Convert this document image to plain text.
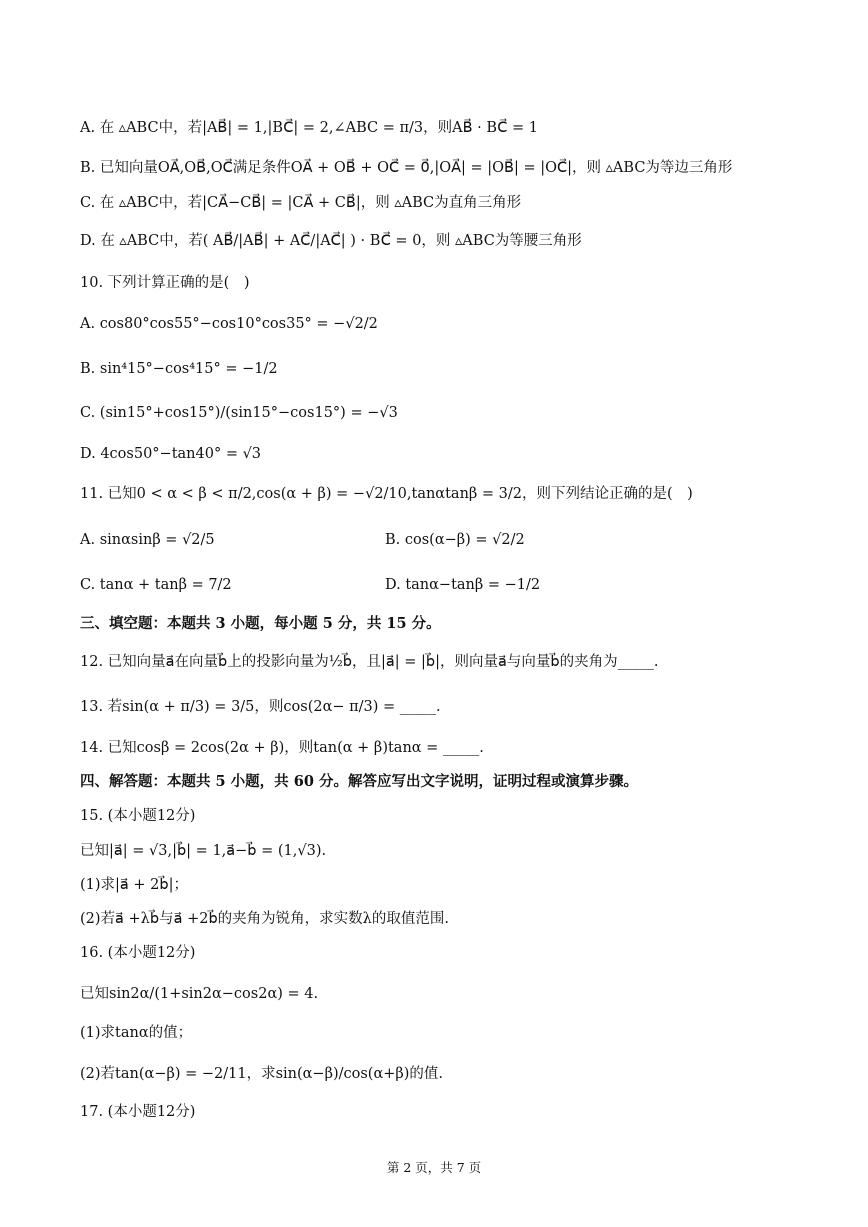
A. 在 ▵ABC中，若|AB⃗| = 1,|BC⃗| = 2,∠ABC = π/3，则AB⃗ · BC⃗ = 1
B. 已知向量OA⃗,OB⃗,OC⃗满足条件OA⃗ + OB⃗ + OC⃗ = 0⃗,|OA⃗| = |OB⃗| = |OC⃗|，则 ▵ABC为等边三角形
C. 在 ▵ABC中，若|CA⃗−CB⃗| = |CA⃗ + CB⃗|，则 ▵ABC为直角三角形
D. 在 ▵ABC中，若( AB⃗/|AB⃗| + AC⃗/|AC⃗| ) · BC⃗ = 0，则 ▵ABC为等腰三角形
10. 下列计算正确的是(　)
A. cos80°cos55°−cos10°cos35° = −√2/2
B. sin⁴15°−cos⁴15° = −1/2
C. (sin15°+cos15°)/(sin15°−cos15°) = −√3
D. 4cos50°−tan40° = √3
11. 已知0 < α < β < π/2,cos(α + β) = −√2/10,tanαtanβ = 3/2，则下列结论正确的是(　)
A. sinαsinβ = √2/5	B. cos(α−β) = √2/2
C. tanα + tanβ = 7/2	D. tanα−tanβ = −1/2
三、填空题：本题共 3 小题，每小题 5 分，共 15 分。
12. 已知向量a⃗在向量b⃗上的投影向量为½b⃗，且|a⃗| = |b⃗|，则向量a⃗与向量b⃗的夹角为_____.
13. 若sin(α + π/3) = 3/5，则cos(2α− π/3) = _____.
14. 已知cosβ = 2cos(2α + β)，则tan(α + β)tanα = _____.
四、解答题：本题共 5 小题，共 60 分。解答应写出文字说明，证明过程或演算步骤。
15. (本小题12分)
已知|a⃗| = √3,|b⃗| = 1,a⃗−b⃗ = (1,√3).
(1)求|a⃗ + 2b⃗|；
(2)若a⃗ +λb⃗与a⃗ +2b⃗的夹角为锐角，求实数λ的取值范围.
16. (本小题12分)
已知sin2α/(1+sin2α−cos2α) = 4.
(1)求tanα的值；
(2)若tan(α−β) = −2/11，求sin(α−β)/cos(α+β)的值.
17. (本小题12分)
第 2 页，共 7 页
